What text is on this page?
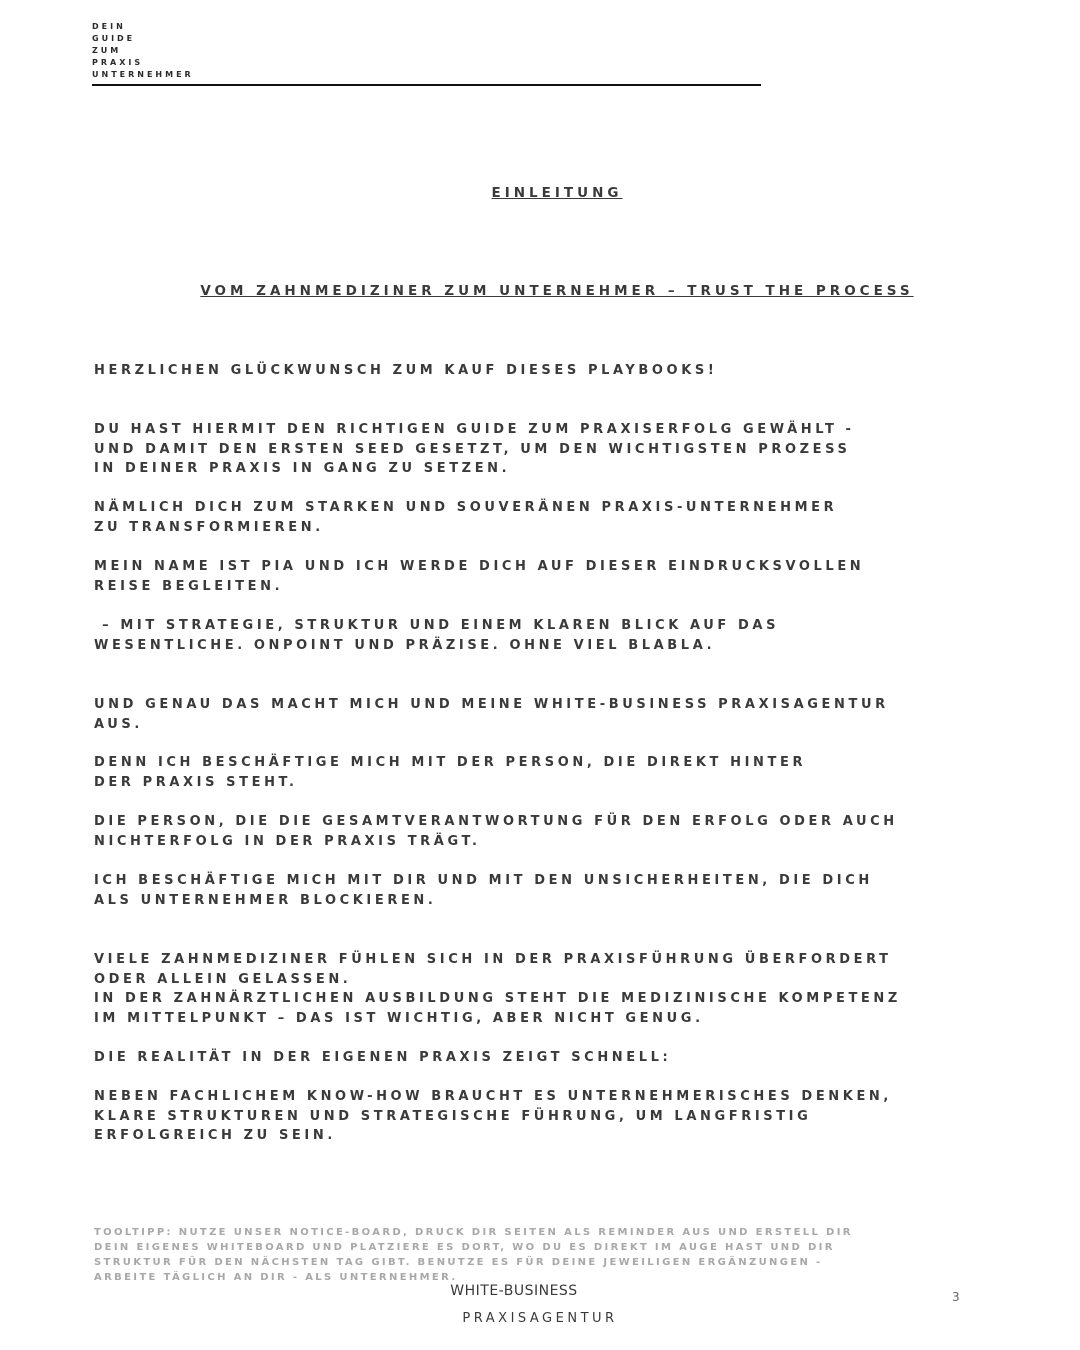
DEIN
GUIDE
ZUM
PRAXIS
UNTERNEHMER
EINLEITUNG
VOM ZAHNMEDIZINER ZUM UNTERNEHMER – TRUST THE PROCESS
HERZLICHEN GLÜCKWUNSCH ZUM KAUF DIESES PLAYBOOKS!
DU HAST HIERMIT DEN RICHTIGEN GUIDE ZUM PRAXISERFOLG GEWÄHLT -
UND DAMIT DEN ERSTEN SEED GESETZT, UM DEN WICHTIGSTEN PROZESS
IN DEINER PRAXIS IN GANG ZU SETZEN.
NÄMLICH DICH ZUM STARKEN UND SOUVERÄNEN PRAXIS-UNTERNEHMER
ZU TRANSFORMIEREN.
MEIN NAME IST PIA UND ICH WERDE DICH AUF DIESER EINDRUCKSVOLLEN
REISE BEGLEITEN.
– MIT STRATEGIE, STRUKTUR UND EINEM KLAREN BLICK AUF DAS
WESENTLICHE. ONPOINT UND PRÄZISE. OHNE VIEL BLABLA.
UND GENAU DAS MACHT MICH UND MEINE WHITE-BUSINESS PRAXISAGENTUR
AUS.
DENN ICH BESCHÄFTIGE MICH MIT DER PERSON, DIE DIREKT HINTER
DER PRAXIS STEHT.
DIE PERSON, DIE DIE GESAMTVERANTWORTUNG FÜR DEN ERFOLG ODER AUCH
NICHTERFOLG IN DER PRAXIS TRÄGT.
ICH BESCHÄFTIGE MICH MIT DIR UND MIT DEN UNSICHERHEITEN, DIE DICH
ALS UNTERNEHMER BLOCKIEREN.
VIELE ZAHNMEDIZINER FÜHLEN SICH IN DER PRAXISFÜHRUNG ÜBERFORDERT
ODER ALLEIN GELASSEN.
IN DER ZAHNÄRZTLICHEN AUSBILDUNG STEHT DIE MEDIZINISCHE KOMPETENZ
IM MITTELPUNKT – DAS IST WICHTIG, ABER NICHT GENUG.
DIE REALITÄT IN DER EIGENEN PRAXIS ZEIGT SCHNELL:
NEBEN FACHLICHEM KNOW-HOW BRAUCHT ES UNTERNEHMERISCHES DENKEN,
KLARE STRUKTUREN UND STRATEGISCHE FÜHRUNG, UM LANGFRISTIG
ERFOLGREICH ZU SEIN.
TOOLTIPP: NUTZE UNSER NOTICE-BOARD, DRUCK DIR SEITEN ALS REMINDER AUS UND ERSTELL DIR
DEIN EIGENES WHITEBOARD UND PLATZIERE ES DORT, WO DU ES DIREKT IM AUGE HAST UND DIR
STRUKTUR FÜR DEN NÄCHSTEN TAG GIBT. BENUTZE ES FÜR DEINE JEWEILIGEN ERGÄNZUNGEN -
ARBEITE TÄGLICH AN DIR - ALS UNTERNEHMER.
WHITE-BUSINESS
PRAXISAGENTUR
3
